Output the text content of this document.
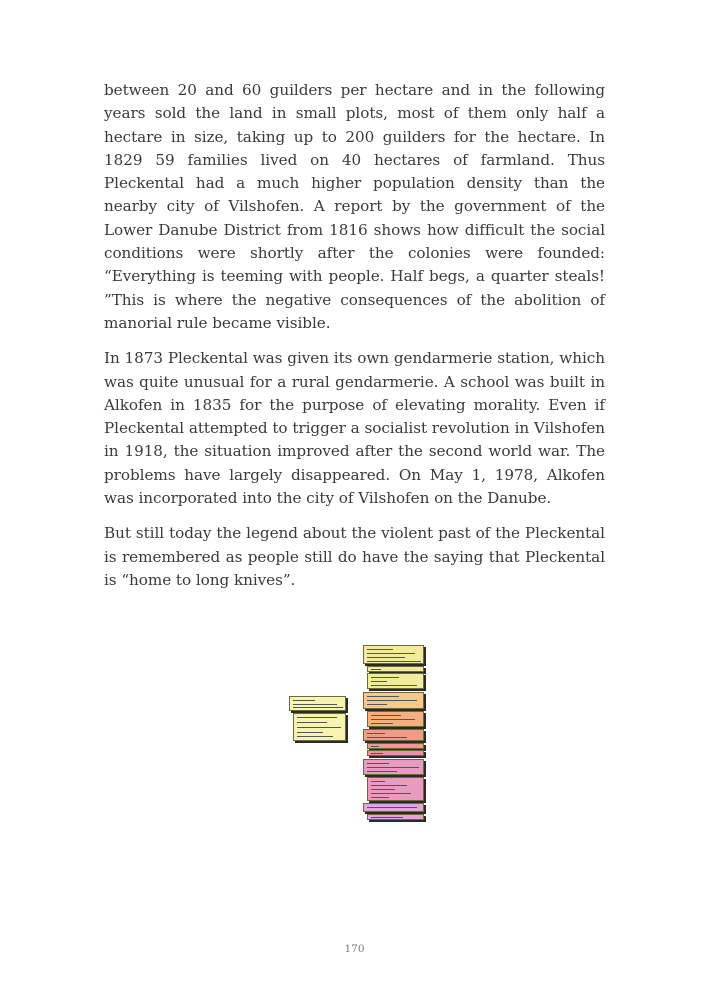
between 20 and 60 guilders per hectare and in the following years sold the land in small plots, most of them only half a hectare in size, taking up to 200 guilders for the hectare. In 1829 59 families lived on 40 hectares of farmland. Thus Pleckental had a much higher population density than the nearby city of Vilshofen. A report by the government of the Lower Danube District from 1816 shows how difficult the social conditions were shortly after the colonies were founded: “Everything is teeming with people. Half begs, a quarter steals! ”This is where the negative consequences of the abolition of manorial rule became visible.

In 1873 Pleckental was given its own gendarmerie station, which was quite unusual for a rural gendarmerie. A school was built in Alkofen in 1835 for the purpose of elevating morality. Even if Pleckental attempted to trigger a socialist revolution in Vilshofen in 1918, the situation improved after the second world war. The problems have largely disappeared. On May 1, 1978, Alkofen was incorporated into the city of Vilshofen on the Danube.

But still today the legend about the violent past of the Pleckental is remembered as people still do have the saying that Pleckental is “home to long knives”.

170
